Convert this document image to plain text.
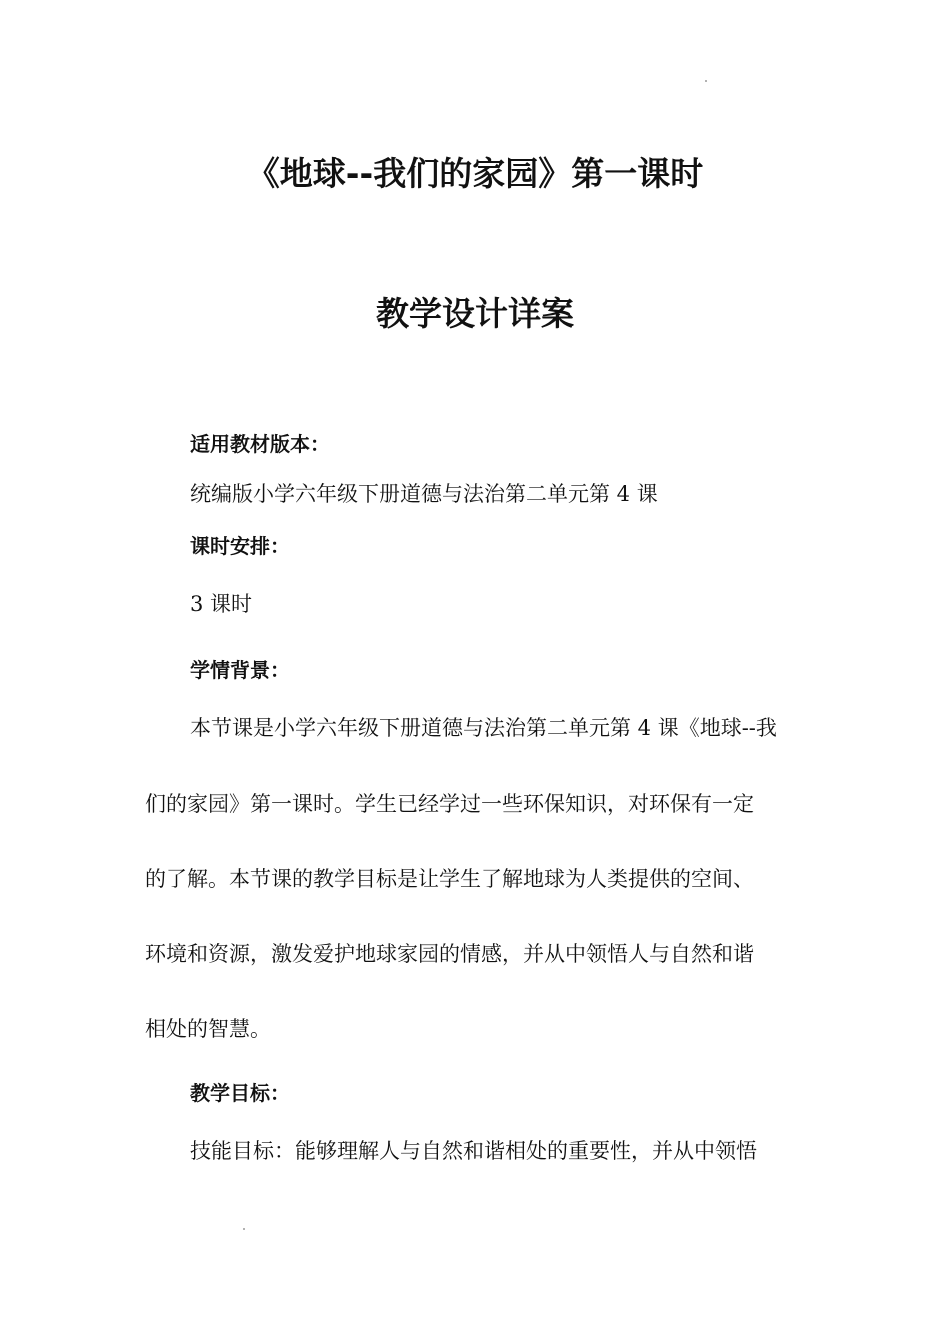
《地球--我们的家园》第一课时
教学设计详案
适用教材版本：

统编版小学六年级下册道德与法治第二单元第 4 课

课时安排：

3 课时

学情背景：

本节课是小学六年级下册道德与法治第二单元第 4 课《地球--我

们的家园》第一课时。学生已经学过一些环保知识，对环保有一定

的了解。本节课的教学目标是让学生了解地球为人类提供的空间、

环境和资源，激发爱护地球家园的情感，并从中领悟人与自然和谐

相处的智慧。

教学目标：

技能目标：能够理解人与自然和谐相处的重要性，并从中领悟
